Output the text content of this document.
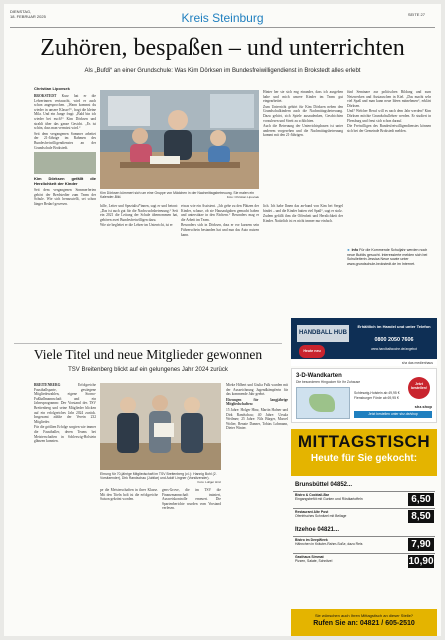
DIENSTAG,
18. FEBRUAR 2025	Kreis Steinburg	SEITE 27
Zuhören, bespaßen – und unterrichten
Als „Bufdi“ an einer Grundschule: Was Kim Dörksen im Bundesfreiwilligendienst in Brokstedt alles erlebt
Christian Lipovsek

BROKSTEDT Kurz hat er die Lehrerinnen vertauscht, wird er auch schon angesprochen. „Wann kommst du wieder in unsere Klasse?“, fragt die kleine Mila. Und ein Junge fragt: „Bald bin ich wieder bei euch?“ Kim Dörksen und strahlt über das ganze Gesicht. „Es ist schön, dass man vermisst wird.“

Seit dem vergangenen Sommer arbeitet der 21-Jährige im Rahmen des Bundesfreiwilligendienstes an der Grundschule Brokstedt.

Kim Dörksen gefällt die Herzlichkeit der Kinder

Seit dem vergangenen Sommerferien gehört der Bredstedter zum Team der Schule. Wie sich herausstellt, sei schon länger Bedarf gewesen.

Kim Dörksen kümmert sich um eine Gruppe von Mädchen in der Nachmittagsbetreuung. Sie malen ein Kalender-Bild.	Foto: Christian Lipovsek

hilfe, Leiter und Spezialist*innen, sagt er und betont: „Das ist auch gut für die Nachwuchsbetreuung.“ Seit ein 2021 die Leitung der Schule übernommen hat, gehören zwei Bundesfreiwilligen dazu.

Wie sie begleitet er die Lehrer im Unterricht, ist er

etwas wie ein Assistent. „Ich gehe zu den Plätzen der Kinder, schaue, ob sie Hausaufgaben gemacht haben und unterstütze in den Fächern.“ Besonders mag er die Arbeit im Team.

Besonders sich in Dörksen, dass er vor kurzem sein Führerschein bestanden hat und nun das Auto nutzen kann.

lich. Ich habe Ihnen das an-band von Kim bei Sergel bindet – und die Kinder hatten viel Spaß“, sagt er stolz.

Zudem gefällt ihm die Offenheit und Herzlichkeit der Kinder. Natürlich ist es nicht immer nur einfach.

Hinter her sie sich eng einander, dass ich ausgeben habe und mich unsere Kinder im Team gut eingearbeitet.

Zum Unterricht gehört für Kim Dörksen neben den Grundschulkindern auch die Nachmittagsbetreuung. Dazu gehört, sich Spiele auszudenken, Geschichten vorzulesen und Streit zu schlichten.

Auch die Betreuung der Unterrichtsphasen ist unter anderem vorgesehen und die Nachmittagsbetreuung kommt mit den 21-Jährigen.

fünf Seminare zur politischen Bildung und zum Netzwerken und Austauschen in Kiel. „Das macht sehr viel Spaß und man kann neue Ideen mitnehmen“, erklärt Dörksen.

Und? Welcher Beruf will es nach dem Jahr werden? Kim Dörksen möchte Grundschullehrer werden. Er studiert in Flensburg und freut sich schon darauf.

Die Freiwilligen des Bundesfreiwilligendienstes können sich bei der Gemeinde Brokstedt melden.

► Info Für die Kommende Schuljahr werden noch neue Bufdis gesucht. Interessierte melden sich bei Schulleiterin Jessica Neue sowie unter www.grundschule-brokstedt.de im Internet.
Viele Titel und neue Mitglieder gewonnen
TSV Breitenberg blickt auf ein gelungenes Jahr 2024 zurück

BREITENBERG	Erfolgreiche Faustballsparte, gestiegene Mitgliederzahlen, eigene Storno-Fußballmannschaft und ein Jahresprogramm: Der Vorstand des TSV Breitenberg und seine Mitglieder blicken auf ein erfolgreiches Jahr 2024 zurück. Insgesamt zählte der Verein 232 Mitglieder.

Für die größten Erfolge sorgten wie immer die Faustballer, deren Teams bei Meisterschaften in Schleswig-Holstein glänzen konnten.

Ehrung für 70-jährige Mitgliedschaft im TSV Breitenberg (v.l.): Hannig Bohl (2. Vorsitzender), Dirk Randschau (Jubilar) und Adolf Lingner (Vorsitzender).
Foto: Lollger Hinz

pe die Meisterschaften in ihrer Klasse. Mit den Titeln holt ist die erfolgreiche Saison gekrönt worden.

gens-Grove, die im TSV die Finanzmannschaft trainiert, Ausweiskontrolle erneuert. Die Spartenberichte wurden vom Vorstand verlesen.

Mieke Hilbert und Giulia Falk wurden mit der Auszeichnung Jugendkämpferin für das kommende Jahr geehrt.

Ehrungen für langjährige Mitgliedschaften:

15 Jahre: Holger Hinz, Martin Hafner und Dirk Randschau; 40 Jahre: Ursula Weilmer; 25 Jahre: Nils Bürger, Marcel Wolter, Renate Danner, Tobias Lohmann, Dieter Winter.

HANDBALL HUB
Heute neu
Erhältlich im Handel und unter Telefon
0800 2050 7606
www.handballwoche.de/angebot
shz das medienhaus
3-D-Wandkarten
Die besonderen Hingucker für Ihr Zuhause
Schleswig-Holstein ab 49,95 €
Flensburger Förde ab 69,95 €
Jetzt bestellen!
shz.shop
Jetzt bestellen unter shz.de/shop
MITTAGSTISCH
Heute für Sie gekocht:
Brunsbüttel 04852...
Bistro & Cocktail-Bar
Eingangsbeföt mit Gurken und Röstkartoffeln	6,50
Restaurant Alte Post
Ofenfrisches Schnitzel mit Beilage	8,50
Itzehoe 04821...
Bistro im DeepWeek
Hähnchen in Kräuter-Rahm-Soße, dazu Reis	7,90
Gasthaus Simmat
Pizzen, Salate, Schnitzel	10,90
Sie wünschen auch Ihren Mittagstisch an dieser Stelle?
Rufen Sie an: 04821 / 605-2510
